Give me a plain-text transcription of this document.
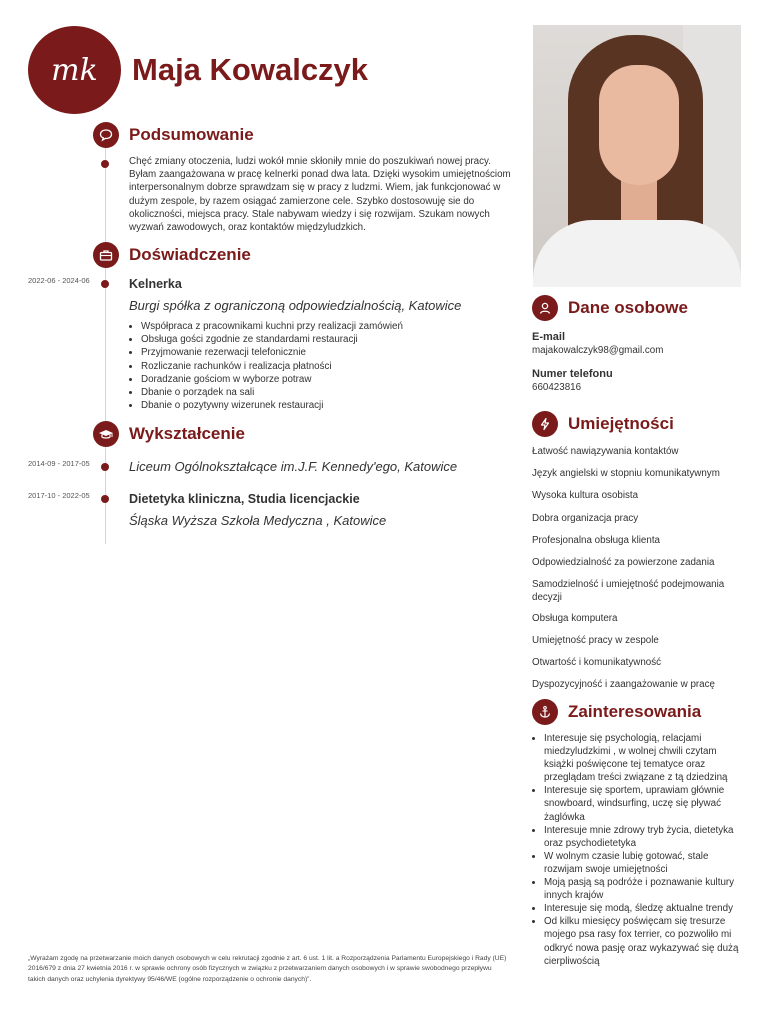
mk Maja Kowalczyk
Podsumowanie
Chęć zmiany otoczenia, ludzi wokół mnie skłoniły mnie do poszukiwań nowej pracy. Byłam zaangażowana w pracę kelnerki ponad dwa lata. Dzięki wysokim umiejętnościom interpersonalnym dobrze sprawdzam się w pracy z ludzmi. Wiem, jak funkcjonować w dużym zespole, by razem osiągać zamierzone cele. Szybko dostosowuję sie do okoliczności, miejsca pracy. Stale nabywam wiedzy i się rozwijam. Szukam nowych wyzwań zawodowych, oraz kontaktów międzyludzkich.
Doświadczenie
2022-06 - 2024-06	Kelnerka
Burgi spółka z ograniczoną odpowiedzialnością, Katowice
• Współpraca z pracownikami kuchni przy realizacji zamówień
• Obsługa gości zgodnie ze standardami restauracji
• Przyjmowanie rezerwacji telefonicznie
• Rozliczanie rachunków i realizacja płatności
• Doradzanie gościom w wyborze potraw
• Dbanie o porządek na sali
• Dbanie o pozytywny wizerunek restauracji
Wykształcenie
2014-09 - 2017-05	Liceum Ogólnokształcące im.J.F. Kennedy'ego, Katowice
2017-10 - 2022-05	Dietetyka kliniczna, Studia licencjackie
Śląska Wyższa Szkoła Medyczna , Katowice
Dane osobowe
E-mail
majakowalczyk98@gmail.com
Numer telefonu
660423816
Umiejętności
Łatwość nawiązywania kontaktów
Język angielski w stopniu komunikatywnym
Wysoka kultura osobista
Dobra organizacja pracy
Profesjonalna obsługa klienta
Odpowiedzialność za powierzone zadania
Samodzielność i umiejętność podejmowania decyzji
Obsługa komputera
Umiejętność pracy w zespole
Otwartość i komunikatywność
Dyspozycyjność i zaangażowanie w pracę
Zainteresowania
• Interesuje się psychologią, relacjami miedzyludzkimi , w wolnej chwili czytam książki poświęcone tej tematyce oraz przeglądam treści związane z tą dziedziną
• Interesuje się sportem, uprawiam głównie snowboard, windsurfing, uczę się pływać żaglówka
• Interesuje mnie zdrowy tryb życia, dietetyka oraz psychodietetyka
• W wolnym czasie lubię gotować, stale rozwijam swoje umiejętności
• Moją pasją są podróże i poznawanie kultury innych krajów
• Interesuje się modą, śledzę aktualne trendy
• Od kilku miesięcy poświęcam się tresurze mojego psa rasy fox terrier, co pozwoliło mi odkryć nowa pasję oraz wykazywać się dużą cierpliwością
„Wyrażam zgodę na przetwarzanie moich danych osobowych w celu rekrutacji zgodnie z art. 6 ust. 1 lit. a Rozporządzenia Parlamentu Europejskiego i Rady (UE) 2016/679 z dnia 27 kwietnia 2016 r. w sprawie ochrony osób fizycznych w związku z przetwarzaniem danych osobowych i w sprawie swobodnego przepływu takich danych oraz uchylenia dyrektywy 95/46/WE (ogólne rozporządzenie o ochronie danych)”.
